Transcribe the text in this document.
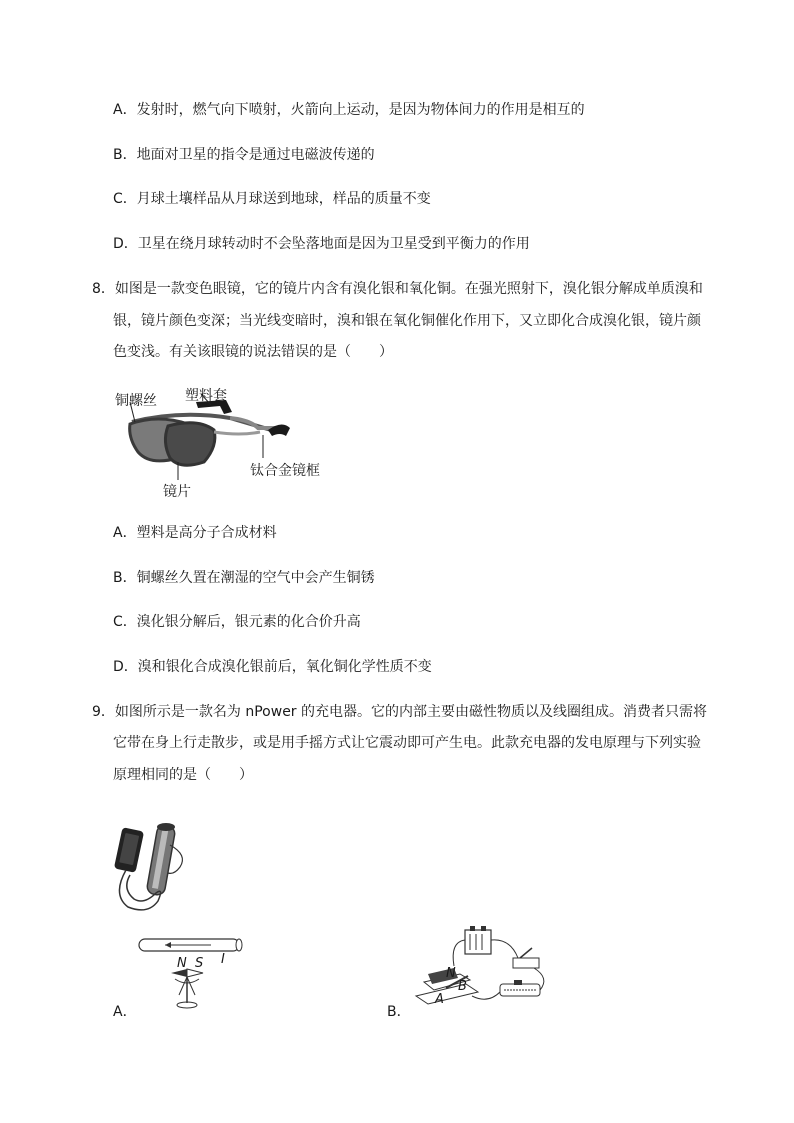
A．发射时，燃气向下喷射，火箭向上运动，是因为物体间力的作用是相互的
B．地面对卫星的指令是通过电磁波传递的
C．月球土壤样品从月球送到地球，样品的质量不变
D．卫星在绕月球转动时不会坠落地面是因为卫星受到平衡力的作用
8．如图是一款变色眼镜，它的镜片内含有溴化银和氧化铜。在强光照射下，溴化银分解成单质溴和
银，镜片颜色变深；当光线变暗时，溴和银在氧化铜催化作用下，又立即化合成溴化银，镜片颜
色变浅。有关该眼镜的说法错误的是（　　）
铜螺丝 塑料套
钛合金镜框
镜片
A．塑料是高分子合成材料
B．铜螺丝久置在潮湿的空气中会产生铜锈
C．溴化银分解后，银元素的化合价升高
D．溴和银化合成溴化银前后，氧化铜化学性质不变
9．如图所示是一款名为 nPower 的充电器。它的内部主要由磁性物质以及线圈组成。消费者只需将
它带在身上行走散步，或是用手摇方式让它震动即可产生电。此款充电器的发电原理与下列实验
原理相同的是（　　）
N S I
A．
N
B
A
B．
